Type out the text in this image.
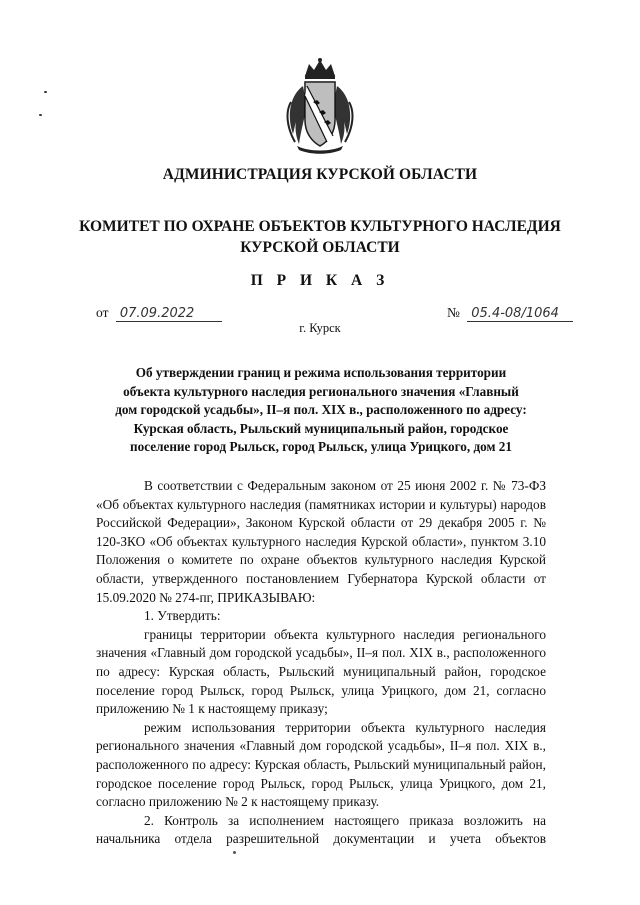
АДМИНИСТРАЦИЯ КУРСКОЙ ОБЛАСТИ
КОМИТЕТ ПО ОХРАНЕ ОБЪЕКТОВ КУЛЬТУРНОГО НАСЛЕДИЯ
КУРСКОЙ ОБЛАСТИ
П Р И К А З
от 07.09.2022	№ 05.4-08/1064
г. Курск
Об утверждении границ и режима использования территории
объекта культурного наследия регионального значения «Главный
дом городской усадьбы», II–я пол. XIX в., расположенного по адресу:
Курская область, Рыльский муниципальный район, городское
поселение город Рыльск, город Рыльск, улица Урицкого, дом 21

В соответствии с Федеральным законом от 25 июня 2002 г. № 73-ФЗ «Об объектах культурного наследия (памятниках истории и культуры) народов Российской Федерации», Законом Курской области от 29 декабря 2005 г. № 120-ЗКО «Об объектах культурного наследия Курской области», пунктом 3.10 Положения о комитете по охране объектов культурного наследия Курской области, утвержденного постановлением Губернатора Курской области от 15.09.2020 № 274-пг, ПРИКАЗЫВАЮ:

1. Утвердить:

границы территории объекта культурного наследия регионального значения «Главный дом городской усадьбы», II–я пол. XIX в., расположенного по адресу: Курская область, Рыльский муниципальный район, городское поселение город Рыльск, город Рыльск, улица Урицкого, дом 21, согласно приложению № 1 к настоящему приказу;

режим использования территории объекта культурного наследия регионального значения «Главный дом городской усадьбы», II–я пол. XIX в., расположенного по адресу: Курская область, Рыльский муниципальный район, городское поселение город Рыльск, город Рыльск, улица Урицкого, дом 21, согласно приложению № 2 к настоящему приказу.

2. Контроль за исполнением настоящего приказа возложить на начальника отдела разрешительной документации и учета объектов
